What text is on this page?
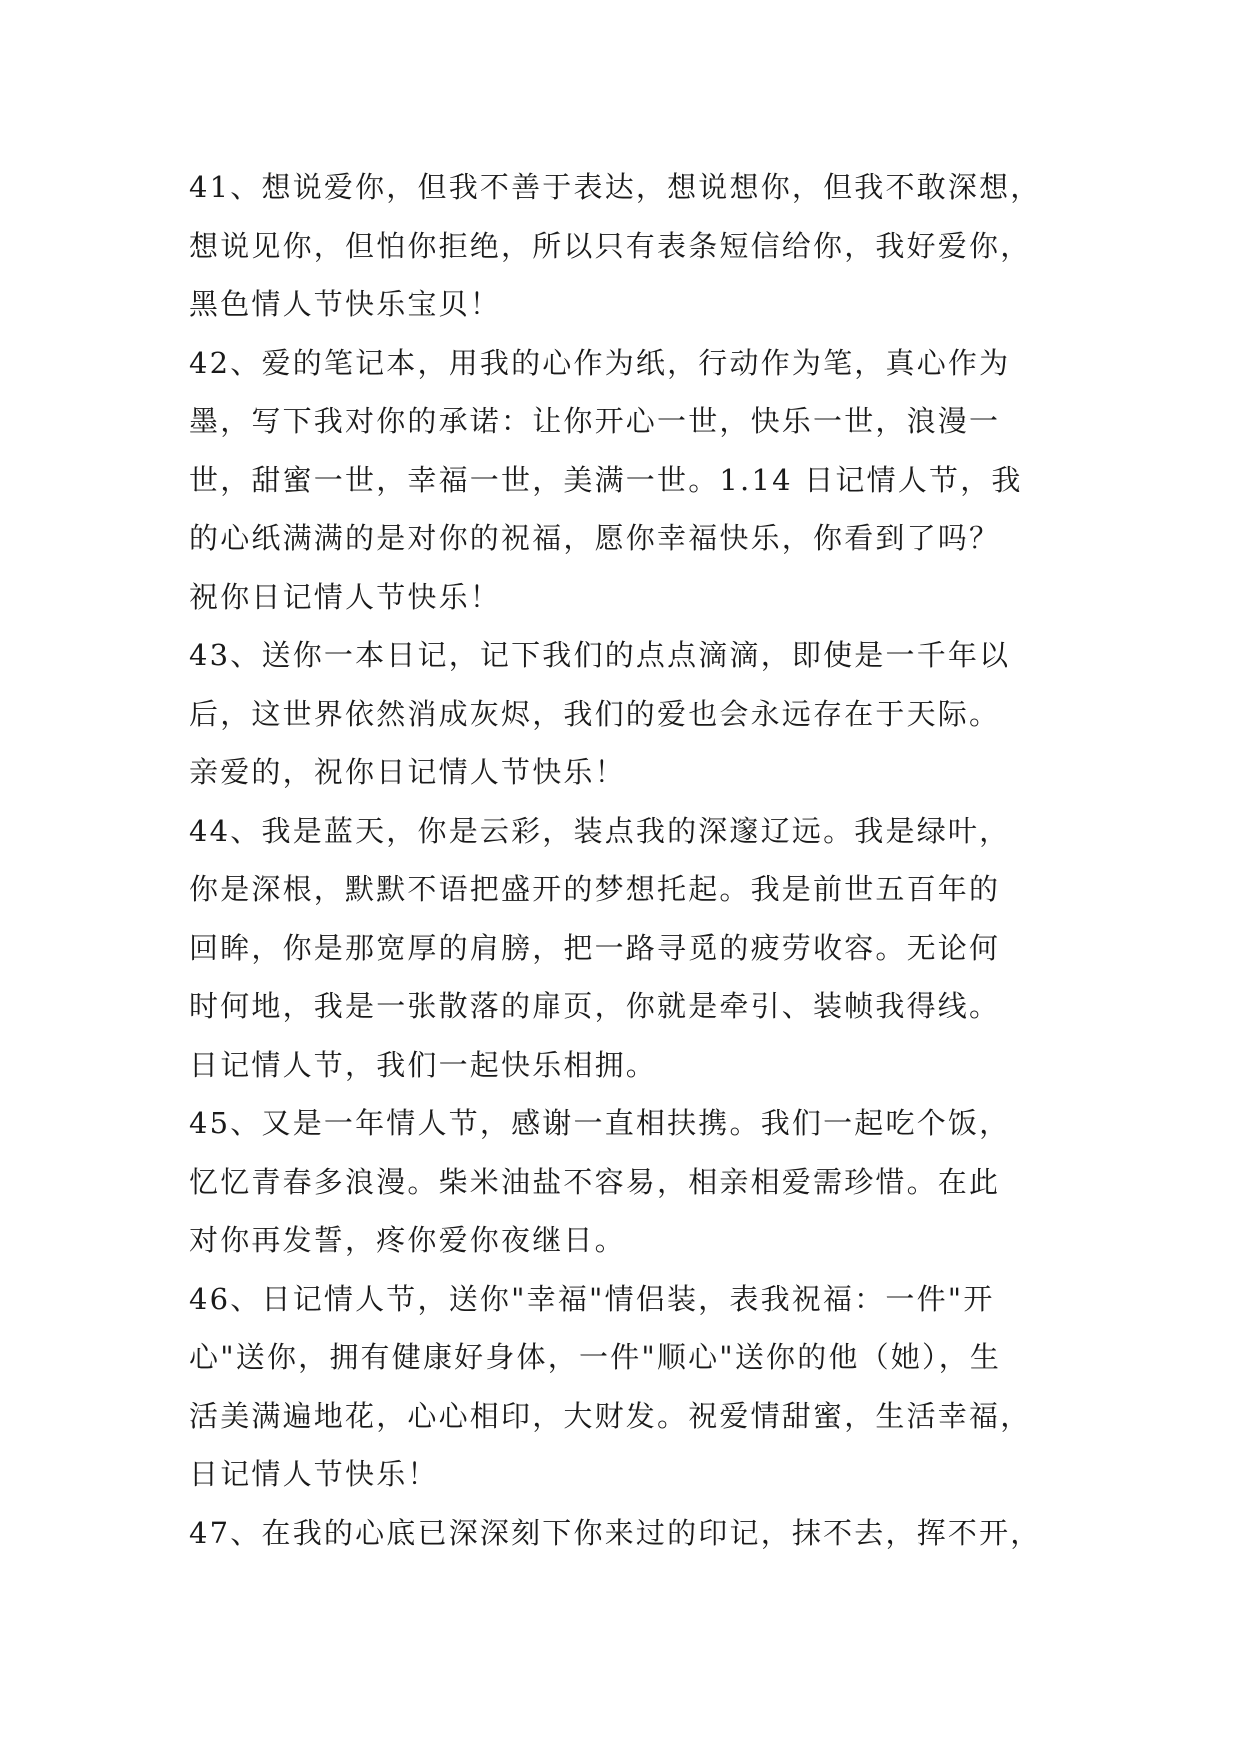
41、想说爱你，但我不善于表达，想说想你，但我不敢深想，
想说见你，但怕你拒绝，所以只有表条短信给你，我好爱你，
黑色情人节快乐宝贝！
42、爱的笔记本，用我的心作为纸，行动作为笔，真心作为
墨，写下我对你的承诺：让你开心一世，快乐一世，浪漫一
世，甜蜜一世，幸福一世，美满一世。1.14 日记情人节，我
的心纸满满的是对你的祝福，愿你幸福快乐，你看到了吗？
祝你日记情人节快乐！
43、送你一本日记，记下我们的点点滴滴，即使是一千年以
后，这世界依然消成灰烬，我们的爱也会永远存在于天际。
亲爱的，祝你日记情人节快乐！
44、我是蓝天，你是云彩，装点我的深邃辽远。我是绿叶，
你是深根，默默不语把盛开的梦想托起。我是前世五百年的
回眸，你是那宽厚的肩膀，把一路寻觅的疲劳收容。无论何
时何地，我是一张散落的扉页，你就是牵引、装帧我得线。
日记情人节，我们一起快乐相拥。
45、又是一年情人节，感谢一直相扶携。我们一起吃个饭，
忆忆青春多浪漫。柴米油盐不容易，相亲相爱需珍惜。在此
对你再发誓，疼你爱你夜继日。
46、日记情人节，送你"幸福"情侣装，表我祝福：一件"开
心"送你，拥有健康好身体，一件"顺心"送你的他（她），生
活美满遍地花，心心相印，大财发。祝爱情甜蜜，生活幸福，
日记情人节快乐！
47、在我的心底已深深刻下你来过的印记，抹不去，挥不开，
